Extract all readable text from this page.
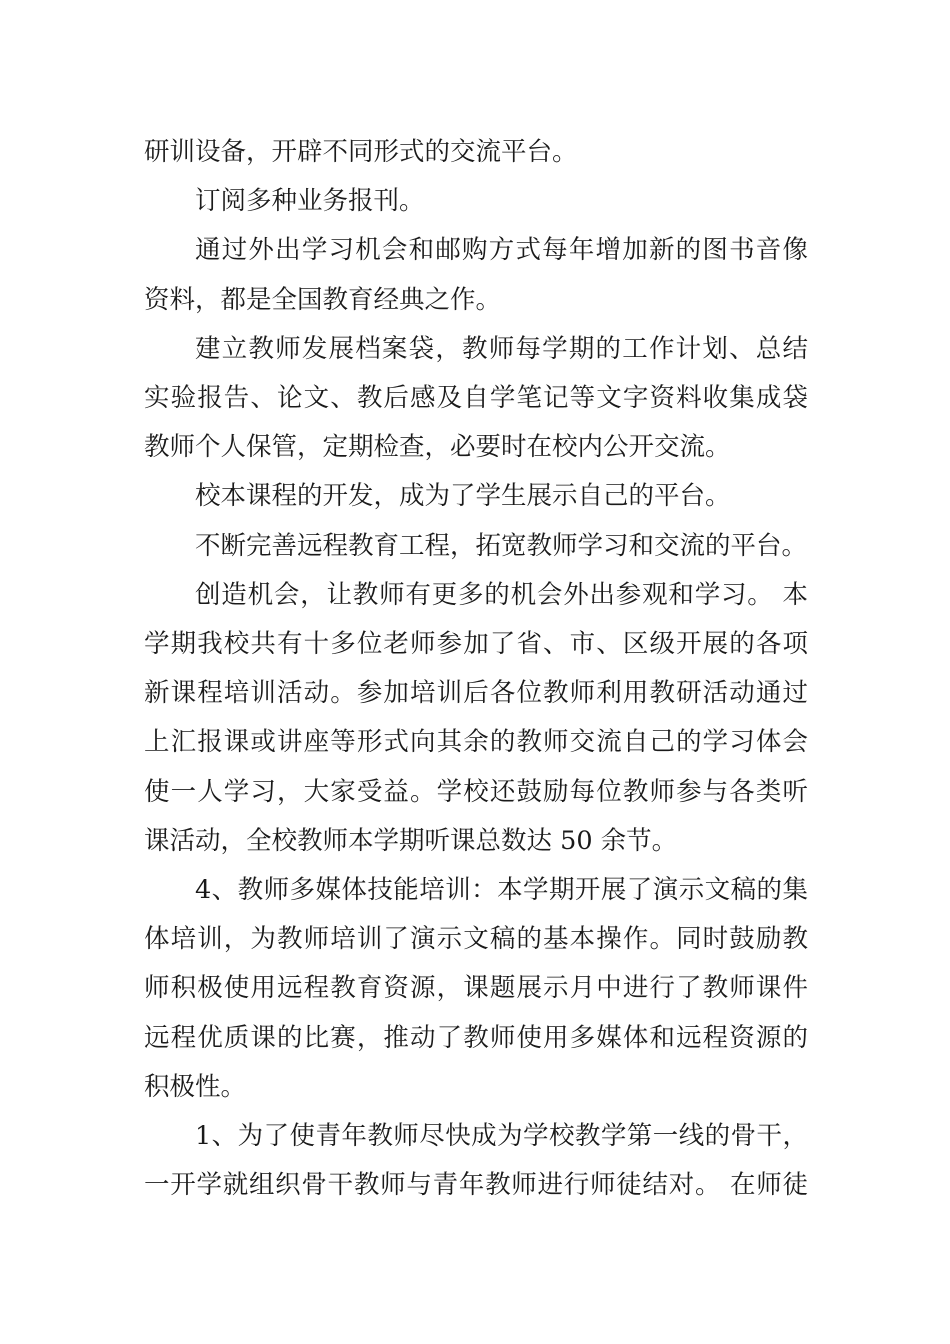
研训设备，开辟不同形式的交流平台。

订阅多种业务报刊。

通过外出学习机会和邮购方式每年增加新的图书音像
资料，都是全国教育经典之作。

建立教师发展档案袋，教师每学期的工作计划、总结
实验报告、论文、教后感及自学笔记等文字资料收集成袋
教师个人保管，定期检查，必要时在校内公开交流。

校本课程的开发，成为了学生展示自己的平台。

不断完善远程教育工程，拓宽教师学习和交流的平台。

创造机会，让教师有更多的机会外出参观和学习。 本
学期我校共有十多位老师参加了省、市、区级开展的各项
新课程培训活动。参加培训后各位教师利用教研活动通过
上汇报课或讲座等形式向其余的教师交流自己的学习体会
使一人学习，大家受益。学校还鼓励每位教师参与各类听
课活动，全校教师本学期听课总数达 50 余节。

4、教师多媒体技能培训：本学期开展了演示文稿的集
体培训，为教师培训了演示文稿的基本操作。同时鼓励教
师积极使用远程教育资源，课题展示月中进行了教师课件
远程优质课的比赛，推动了教师使用多媒体和远程资源的
积极性。

1、为了使青年教师尽快成为学校教学第一线的骨干，
一开学就组织骨干教师与青年教师进行师徒结对。 在师徒
